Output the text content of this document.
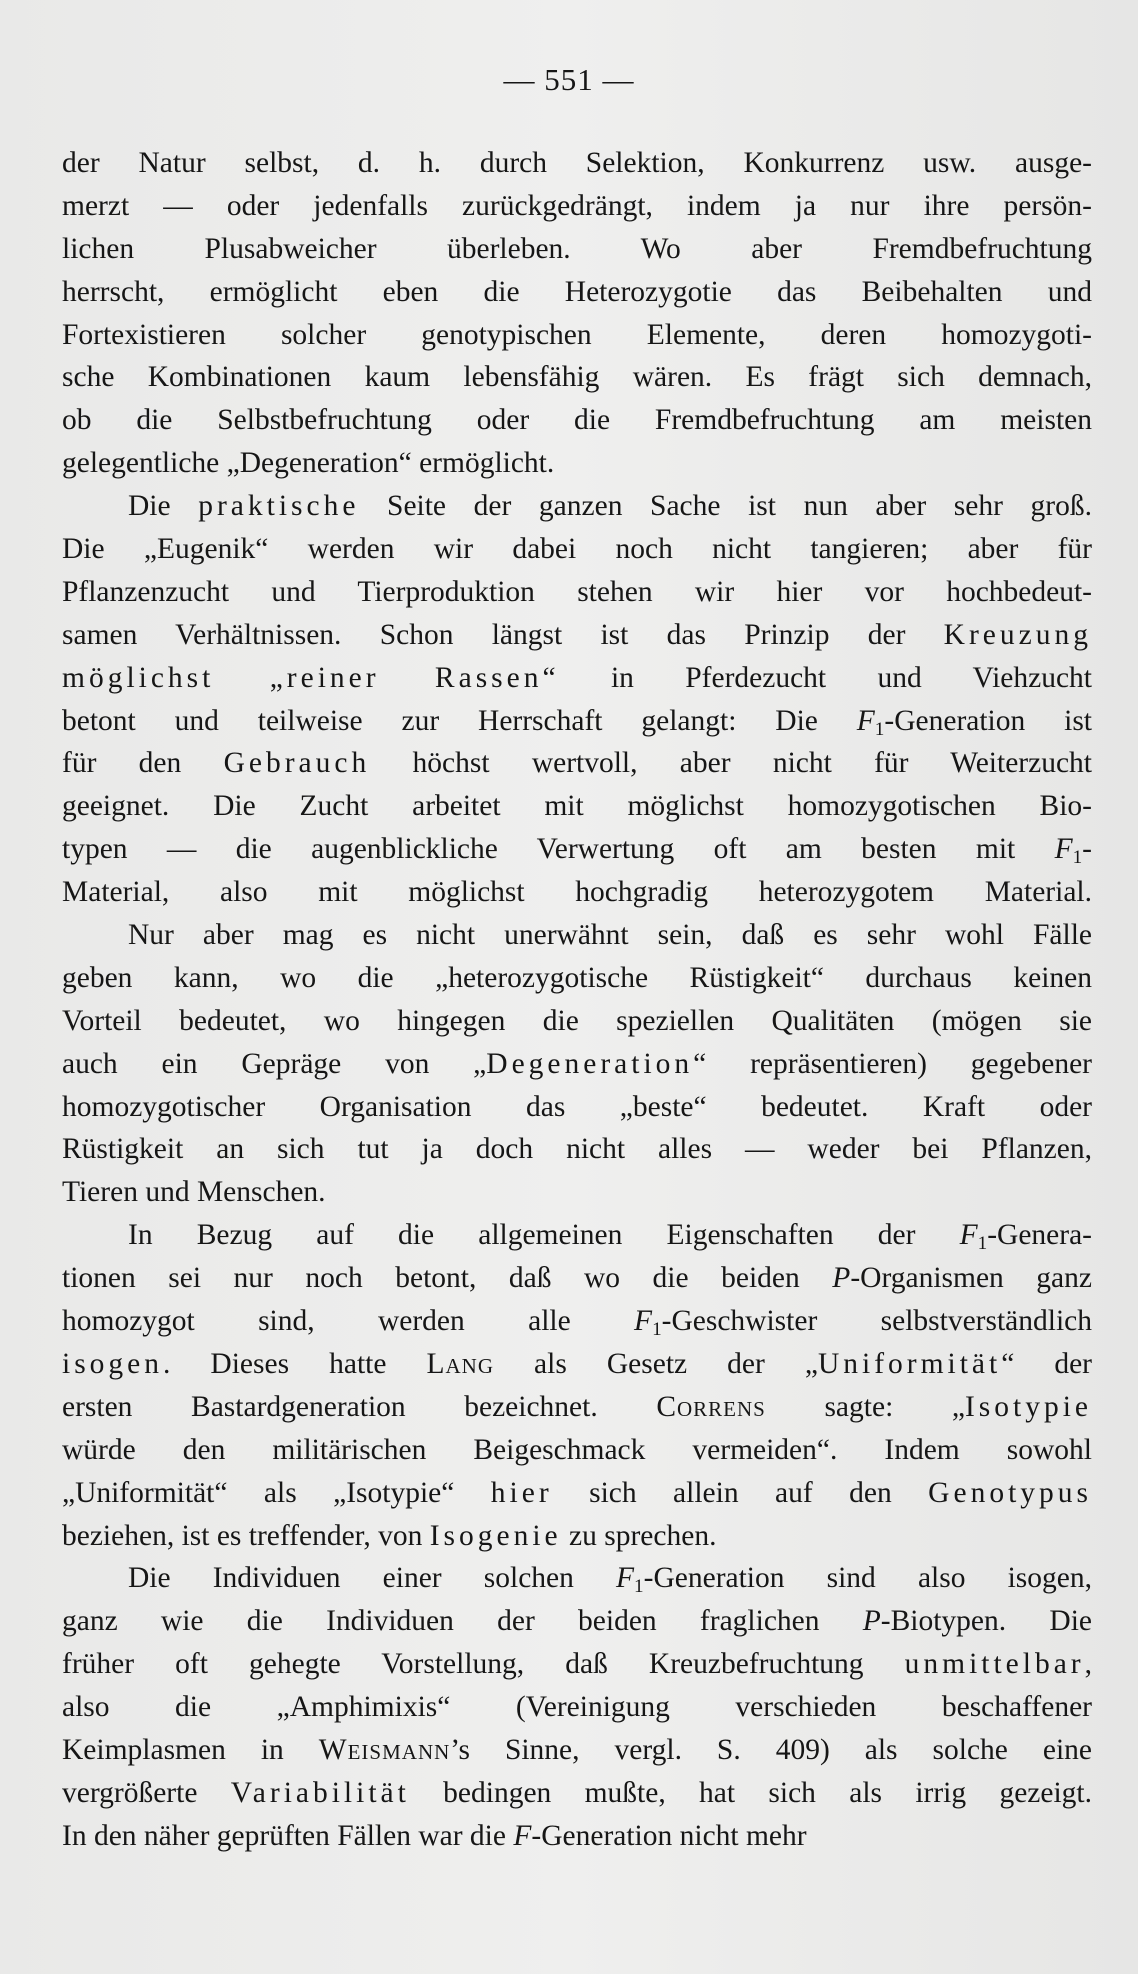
— 551 —
der Natur selbst, d. h. durch Selektion, Konkurrenz usw. ausge-
merzt — oder jedenfalls zurückgedrängt, indem ja nur ihre persön-
lichen Plusabweicher überleben. Wo aber Fremdbefruchtung
herrscht, ermöglicht eben die Heterozygotie das Beibehalten und
Fortexistieren solcher genotypischen Elemente, deren homozygoti-
sche Kombinationen kaum lebensfähig wären. Es frägt sich demnach,
ob die Selbstbefruchtung oder die Fremdbefruchtung am meisten
gelegentliche „Degeneration“ ermöglicht.
Die praktische Seite der ganzen Sache ist nun aber sehr groß.
Die „Eugenik“ werden wir dabei noch nicht tangieren; aber für
Pflanzenzucht und Tierproduktion stehen wir hier vor hochbedeut-
samen Verhältnissen. Schon längst ist das Prinzip der Kreuzung
möglichst „reiner Rassen“ in Pferdezucht und Viehzucht
betont und teilweise zur Herrschaft gelangt: Die $F_1$-Generation ist
für den Gebrauch höchst wertvoll, aber nicht für Weiterzucht
geeignet. Die Zucht arbeitet mit möglichst homozygotischen Bio-
typen — die augenblickliche Verwertung oft am besten mit $F_1-$
Material, also mit möglichst hochgradig heterozygotem Material.
Nur aber mag es nicht unerwähnt sein, daß es sehr wohl Fälle
geben kann, wo die „heterozygotische Rüstigkeit“ durchaus keinen
Vorteil bedeutet, wo hingegen die speziellen Qualitäten (mögen sie
auch ein Gepräge von „Degeneration“ repräsentieren) gegebener
homozygotischer Organisation das „beste“ bedeutet. Kraft oder
Rüstigkeit an sich tut ja doch nicht alles — weder bei Pflanzen,
Tieren und Menschen.
In Bezug auf die allgemeinen Eigenschaften der $F_1-Genera-$
tionen sei nur noch betont, daß wo die beiden P-Organismen ganz
homozygot sind, werden alle $F_1$-Geschwister selbstverständlich
isogen. Dieses hatte Lang als Gesetz der „Uniformität“ der
ersten Bastardgeneration bezeichnet. Correns sagte: „Isotypie
würde den militärischen Beigeschmack vermeiden“. Indem sowohl
„Uniformität“ als „Isotypie“ hier sich allein auf den Genotypus
beziehen, ist es treffender, von Isogenie zu sprechen.
Die Individuen einer solchen $F_1$-Generation sind also isogen,
ganz wie die Individuen der beiden fraglichen P-Biotypen. Die
früher oft gehegte Vorstellung, daß Kreuzbefruchtung unmittelbar,
also die „Amphimixis“ (Vereinigung verschieden beschaffener
Keimplasmen in Weismann’s Sinne, vergl. S. 409) als solche eine
vergrößerte Variabilität bedingen mußte, hat sich als irrig gezeigt.
In den näher geprüften Fällen war die F-Generation nicht mehr
